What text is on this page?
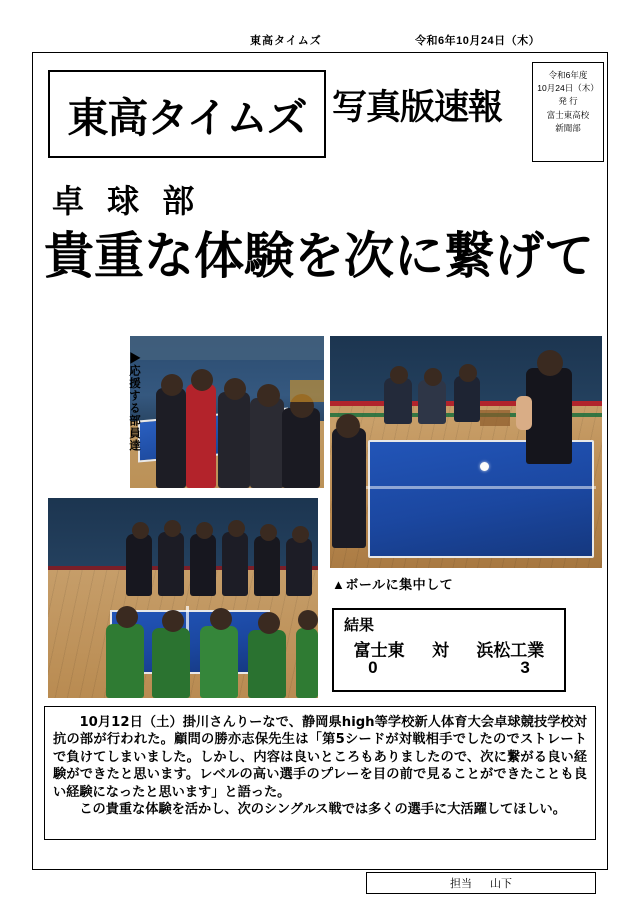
東高タイムズ	令和6年10月24日（木）
東高タイムズ 写真版速報
令和6年度
10月24日（木）
発 行
富士東高校
新聞部
卓 球 部
貴重な体験を次に繋げて
▶応援する部員達
▲ボールに集中して
結果
富士東 対 浜松工業
0	3

　10月12日（土）掛川さんりーなで、静岡県high等学校新人体育大会卓球競技学校対抗の部が行われた。顧問の勝亦志保先生は「第5シードが対戦相手でしたのでストレートで負けてしまいました。しかし、内容は良いところもありましたので、次に繋がる良い経験ができたと思います。レベルの高い選手のプレーを目の前で見ることができたことも良い経験になったと思います」と語った。

　この貴重な体験を活かし、次のシングルス戦では多くの選手に大活躍してほしい。

担当 山下
